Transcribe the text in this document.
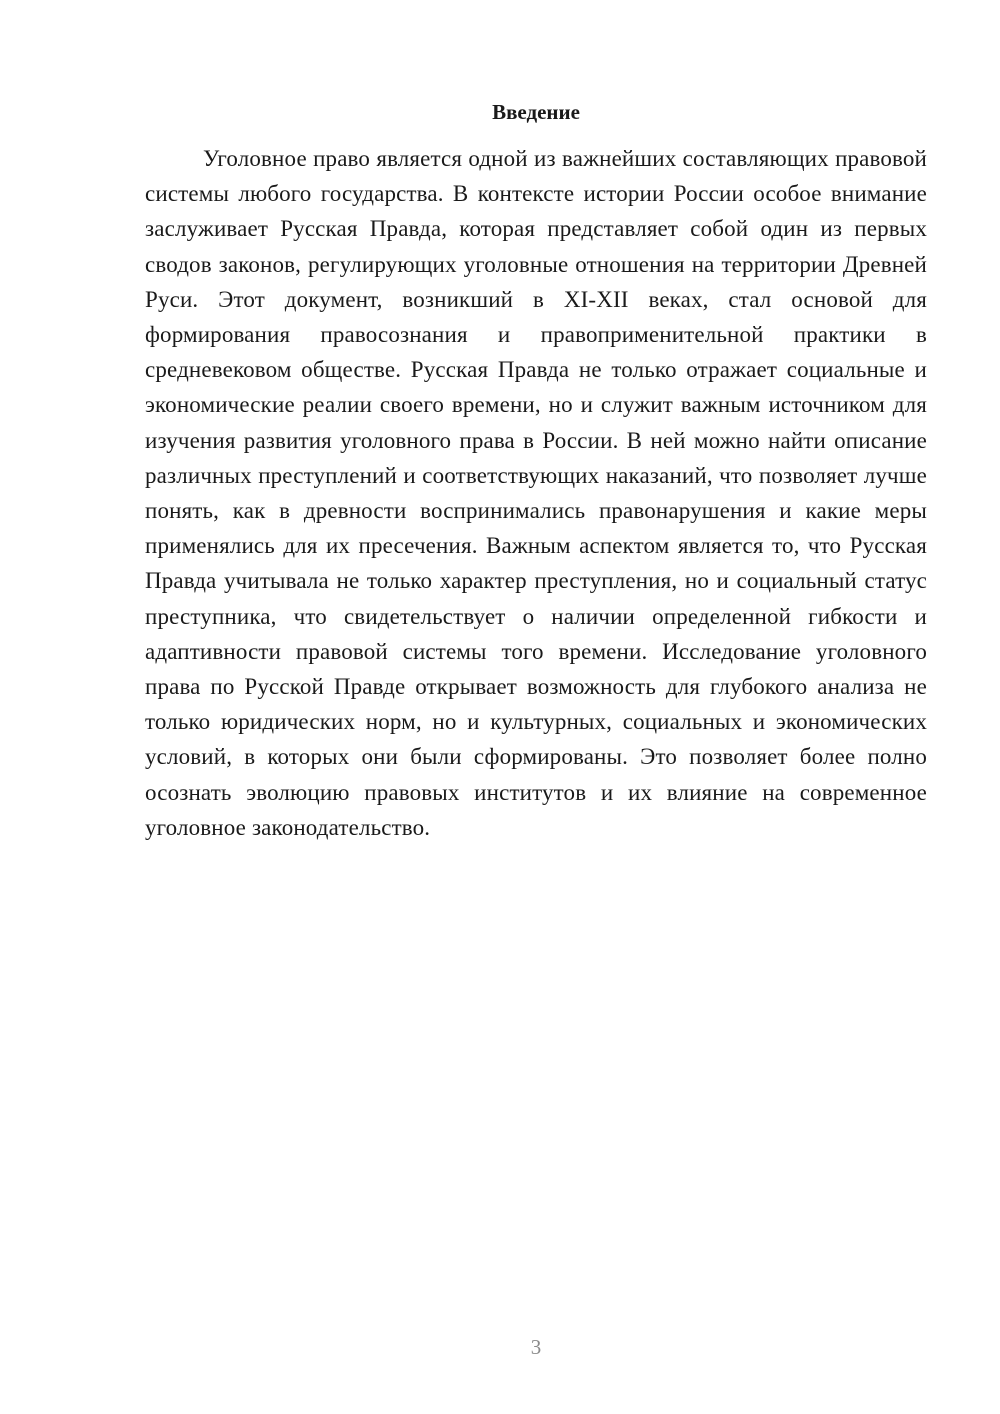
Введение

Уголовное право является одной из важнейших составляющих правовой системы любого государства. В контексте истории России особое внимание заслуживает Русская Правда, которая представляет собой один из первых сводов законов, регулирующих уголовные отношения на территории Древней Руси. Этот документ, возникший в XI-XII веках, стал основой для формирования правосознания и правоприменительной практики в средневековом обществе. Русская Правда не только отражает социальные и экономические реалии своего времени, но и служит важным источником для изучения развития уголовного права в России. В ней можно найти описание различных преступлений и соответствующих наказаний, что позволяет лучше понять, как в древности воспринимались правонарушения и какие меры применялись для их пресечения. Важным аспектом является то, что Русская Правда учитывала не только характер преступления, но и социальный статус преступника, что свидетельствует о наличии определенной гибкости и адаптивности правовой системы того времени. Исследование уголовного права по Русской Правде открывает возможность для глубокого анализа не только юридических норм, но и культурных, социальных и экономических условий, в которых они были сформированы. Это позволяет более полно осознать эволюцию правовых институтов и их влияние на современное уголовное законодательство.

3
